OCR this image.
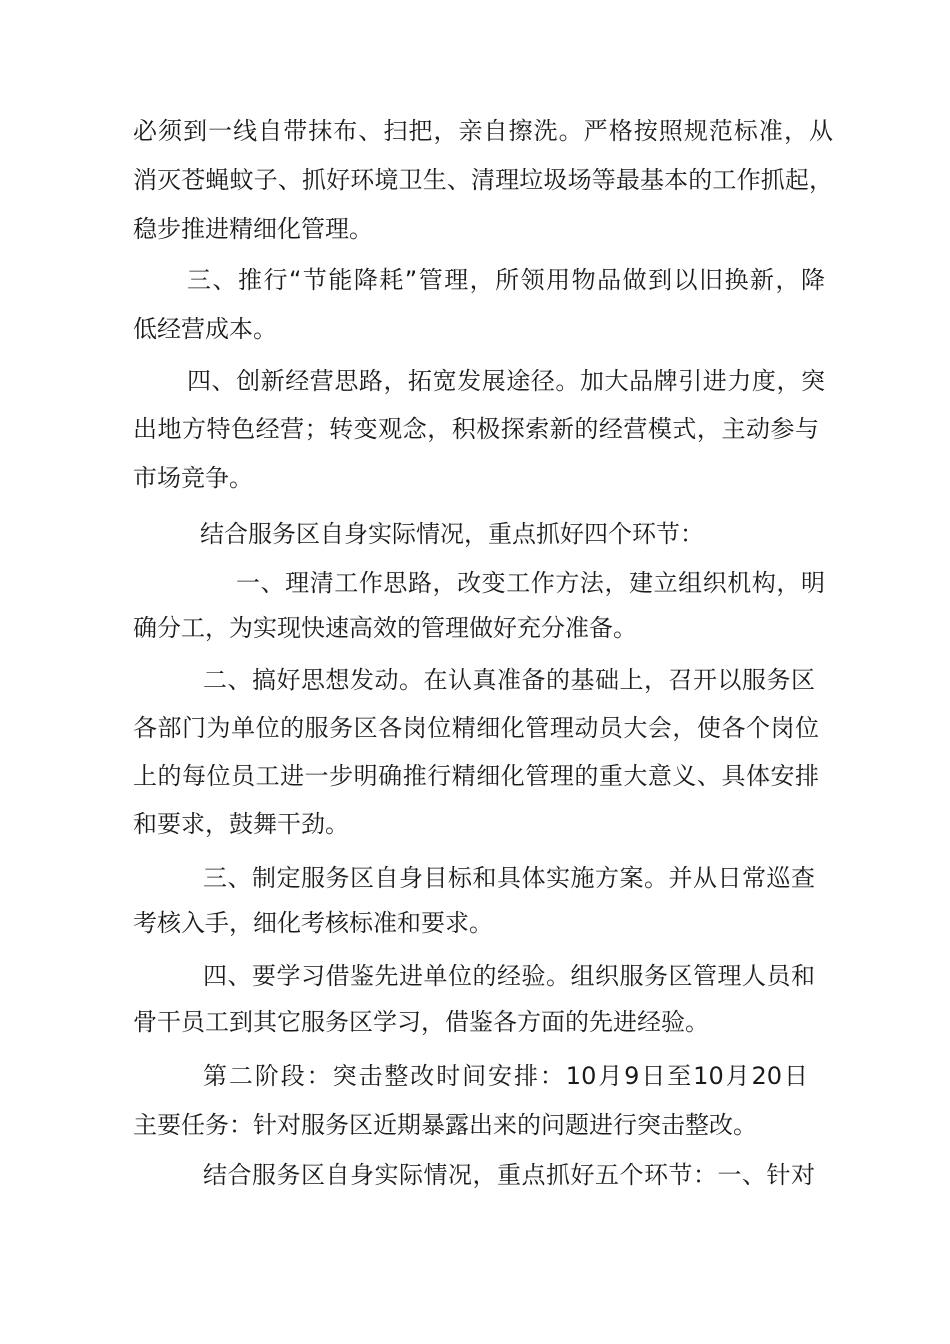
必须到一线自带抹布、扫把，亲自擦洗。严格按照规范标准，从
消灭苍蝇蚊子、抓好环境卫生、清理垃圾场等最基本的工作抓起，
稳步推进精细化管理。
三、推行“节能降耗”管理，所领用物品做到以旧换新，降
低经营成本。
四、创新经营思路，拓宽发展途径。加大品牌引进力度，突
出地方特色经营；转变观念，积极探索新的经营模式，主动参与
市场竞争。
结合服务区自身实际情况，重点抓好四个环节：
一、理清工作思路，改变工作方法，建立组织机构，明
确分工，为实现快速高效的管理做好充分准备。
二、搞好思想发动。在认真准备的基础上，召开以服务区
各部门为单位的服务区各岗位精细化管理动员大会，使各个岗位
上的每位员工进一步明确推行精细化管理的重大意义、具体安排
和要求，鼓舞干劲。
三、制定服务区自身目标和具体实施方案。并从日常巡查
考核入手，细化考核标准和要求。
四、要学习借鉴先进单位的经验。组织服务区管理人员和
骨干员工到其它服务区学习，借鉴各方面的先进经验。
第二阶段：突击整改时间安排：10月9日至10月20日
主要任务：针对服务区近期暴露出来的问题进行突击整改。
结合服务区自身实际情况，重点抓好五个环节：一、针对
